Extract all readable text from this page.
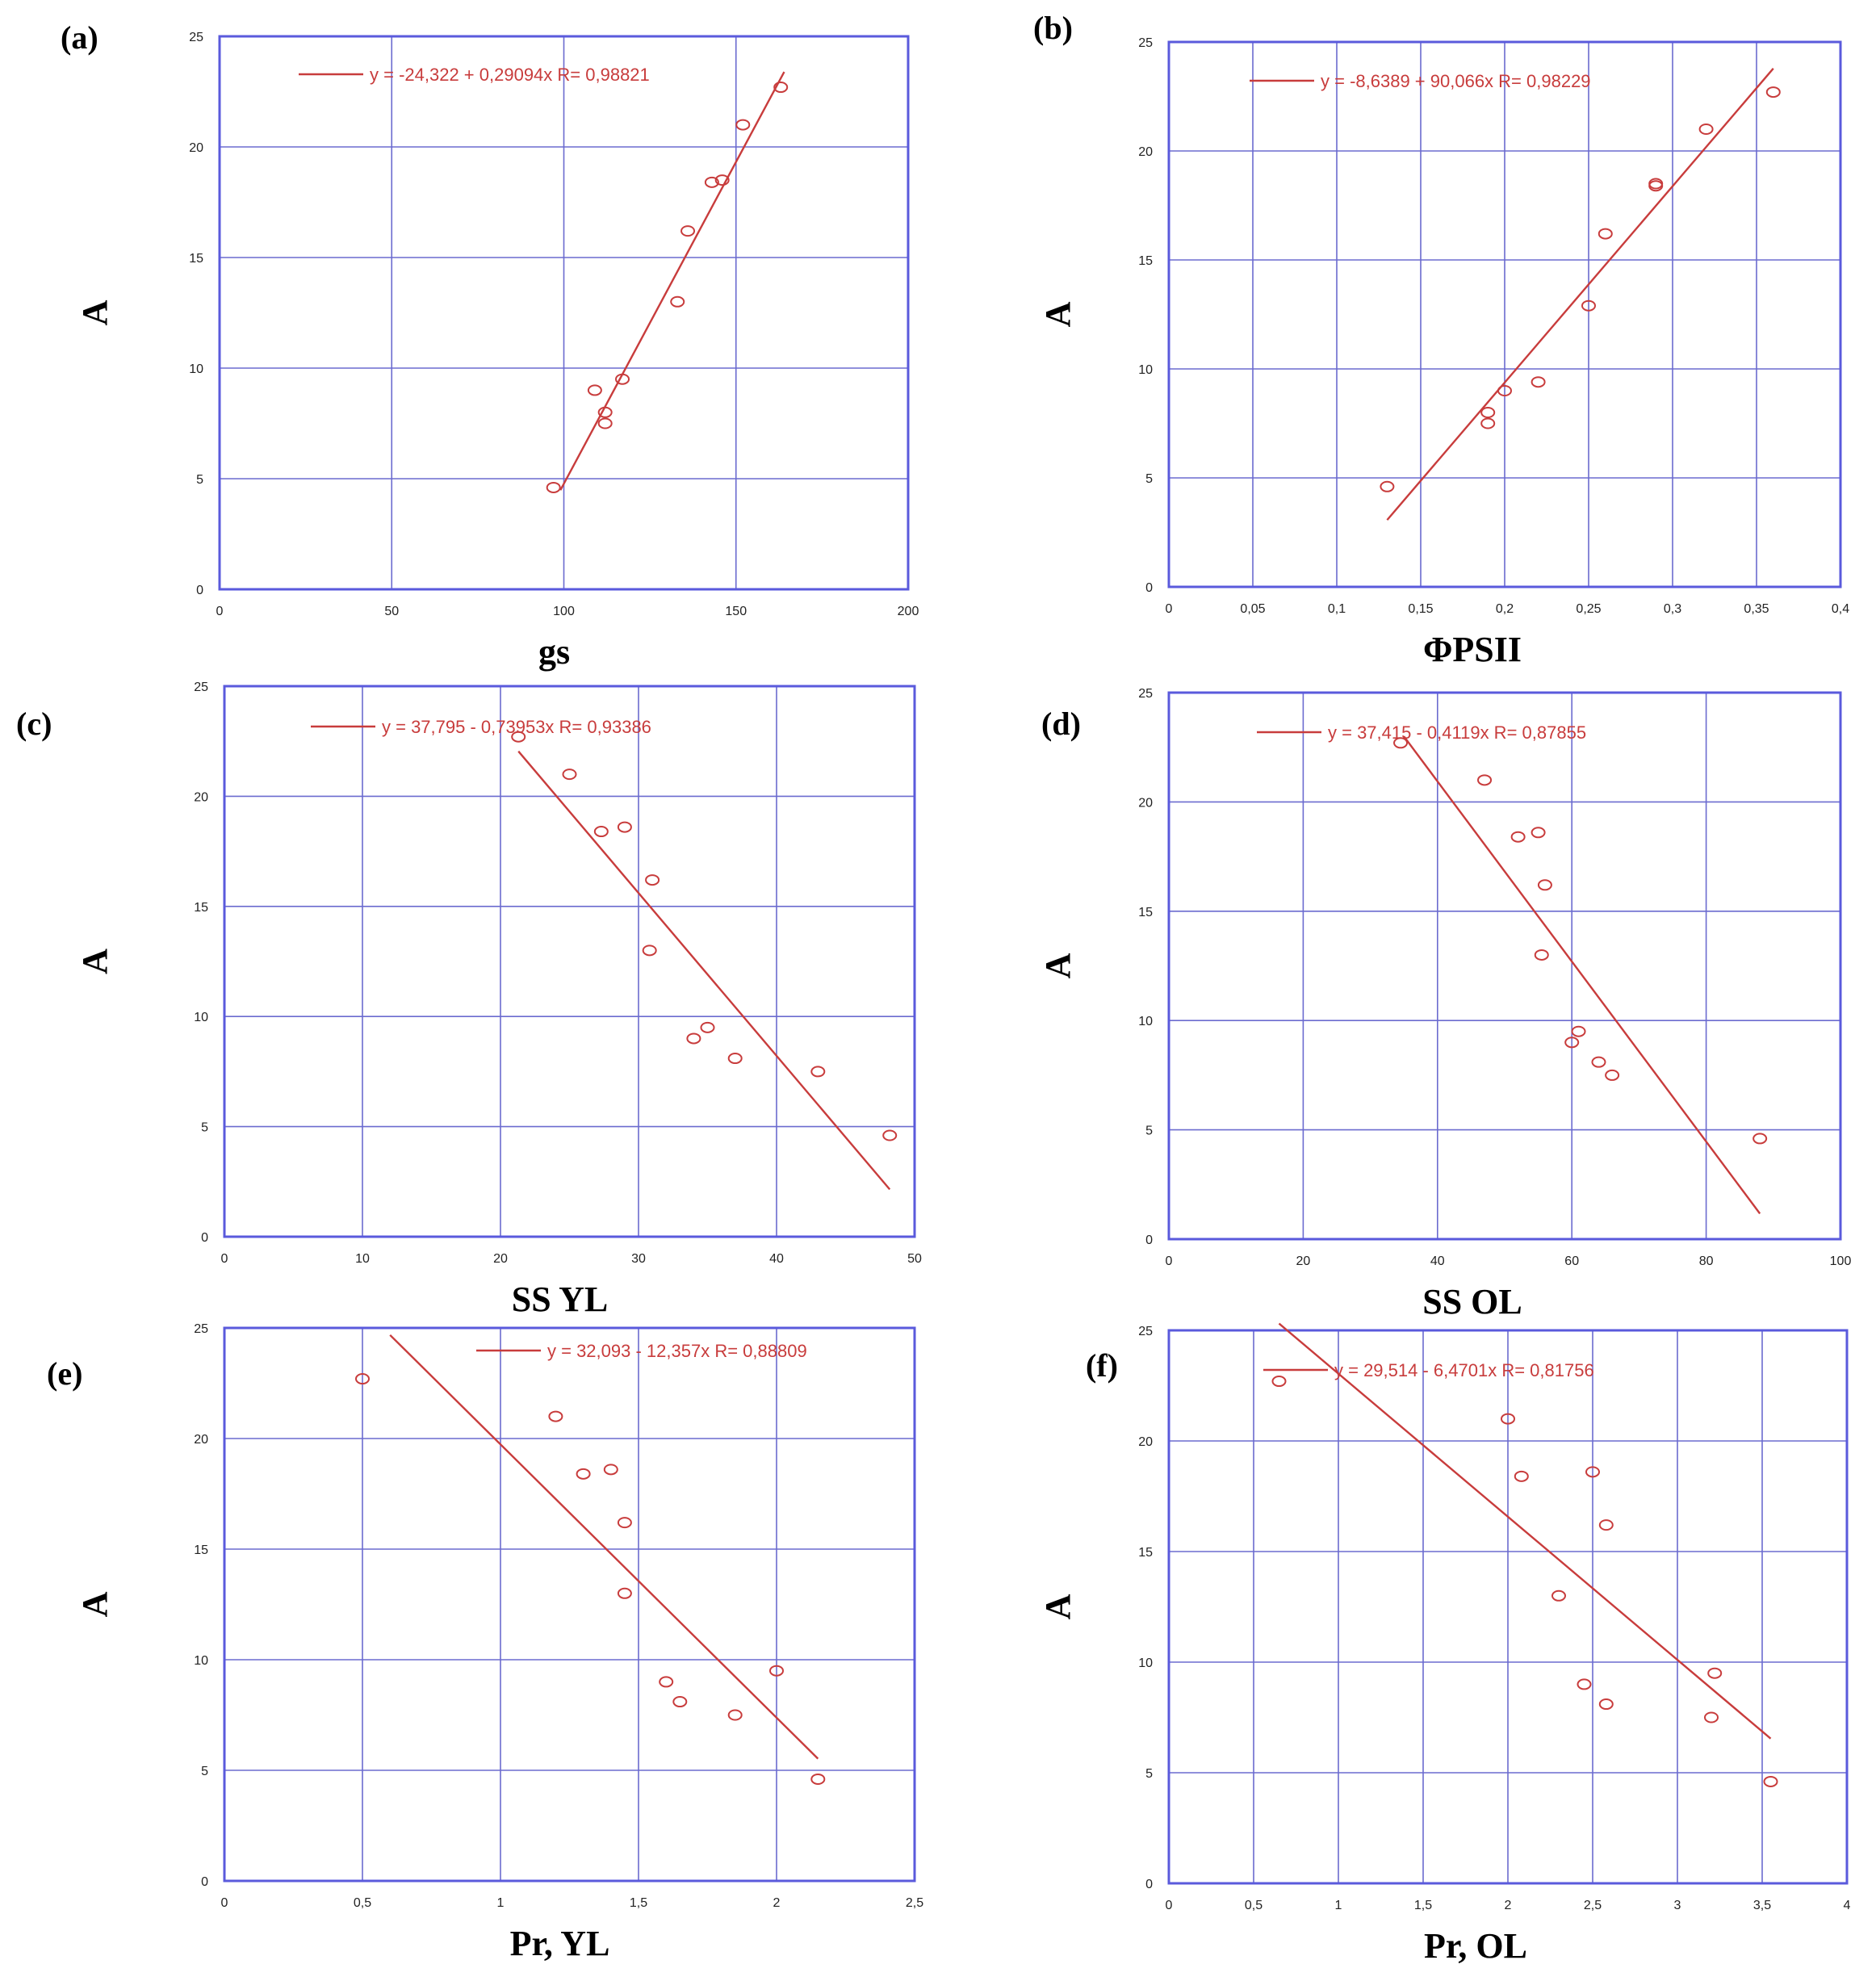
0	50	100	150	200
0
5
10
15
20
25
gs
A
(a)
y = -24,322 + 0,29094x R= 0,98821
0	0,05	0,1	0,15	0,2	0,25	0,3	0,35	0,4
0
5
10
15
20
25
ΦPSII
A
(b)
y = -8,6389 + 90,066x R= 0,98229
0	10	20	30	40	50
0
5
10
15
20
25
SS YL
A
(c)	y = 37,795 - 0,73953x R= 0,93386
0	20	40	60	80	100
0
5
10
15
20
25
SS OL
A
(d)	y = 37,415 - 0,4119x R= 0,87855
0	0,5	1	1,5	2	2,5
0
5
10
15
20
25
Pr, YL
A
(e)
y = 32,093 - 12,357x R= 0,88809
0	0,5	1	1,5	2	2,5	3	3,5	4
0
5
10
15
20
25
Pr, OL
A
(f)	y = 29,514 - 6,4701x R= 0,81756
